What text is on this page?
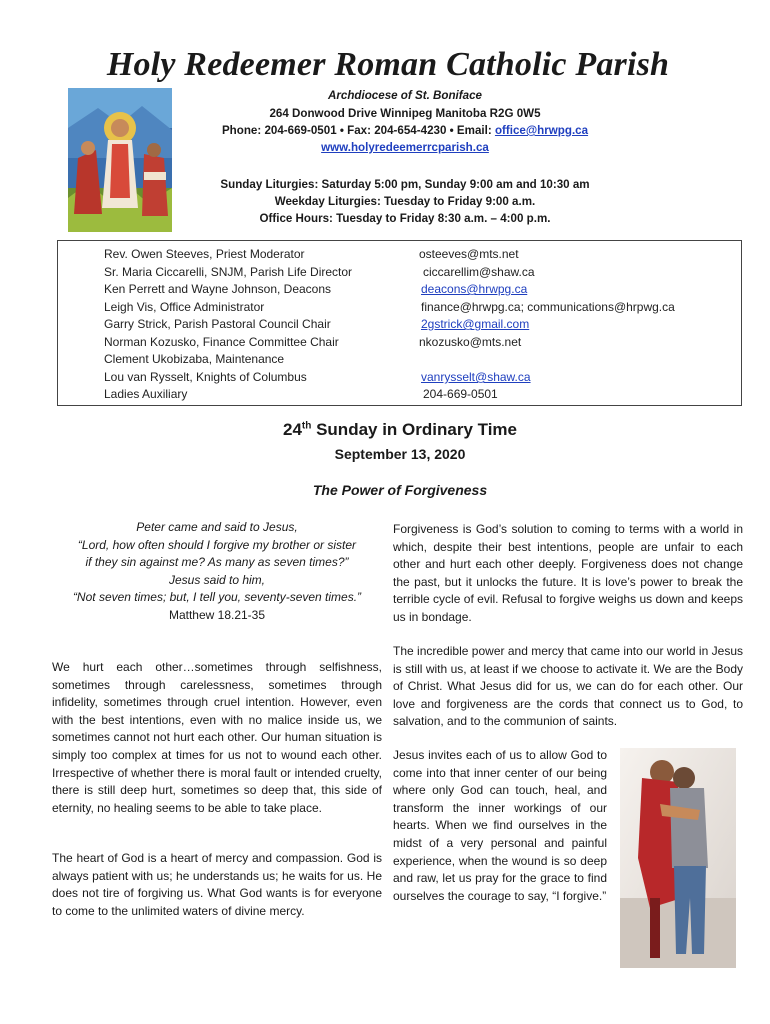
Holy Redeemer Roman Catholic Parish
Archdiocese of St. Boniface
264 Donwood Drive Winnipeg Manitoba R2G 0W5
Phone: 204-669-0501 • Fax: 204-654-4230 • Email: office@hrwpg.ca
www.holyredeemerrcparish.ca
Sunday Liturgies: Saturday 5:00 pm, Sunday 9:00 am and 10:30 am
Weekday Liturgies: Tuesday to Friday 9:00 a.m.
Office Hours: Tuesday to Friday 8:30 a.m. – 4:00 p.m.
Rev. Owen Steeves, Priest Moderator	osteeves@mts.net
Sr. Maria Ciccarelli, SNJM, Parish Life Director	ciccarellim@shaw.ca
Ken Perrett and Wayne Johnson, Deacons	deacons@hrwpg.ca
Leigh Vis, Office Administrator	finance@hrwpg.ca; communications@hrpwg.ca
Garry Strick, Parish Pastoral Council Chair	2gstrick@gmail.com
Norman Kozusko, Finance Committee Chair	nkozusko@mts.net
Clement Ukobizaba, Maintenance
Lou van Rysselt, Knights of Columbus	vanrysselt@shaw.ca
Ladies Auxiliary	204-669-0501
24th Sunday in Ordinary Time
September 13, 2020
The Power of Forgiveness
Peter came and said to Jesus,
“Lord, how often should I forgive my brother or sister
if they sin against me? As many as seven times?”
Jesus said to him,
“Not seven times; but, I tell you, seventy-seven times.”
Matthew 18.21-35
We hurt each other…sometimes through selfishness, sometimes through carelessness, sometimes through infidelity, sometimes through cruel intention. However, even with the best intentions, even with no malice inside us, we sometimes cannot not hurt each other. Our human situation is simply too complex at times for us not to wound each other. Irrespective of whether there is moral fault or intended cruelty, there is still deep hurt, sometimes so deep that, this side of eternity, no healing seems to be able to take place.
The heart of God is a heart of mercy and compassion. God is always patient with us; he understands us; he waits for us. He does not tire of forgiving us. What God wants is for everyone to come to the unlimited waters of divine mercy.
Forgiveness is God’s solution to coming to terms with a world in which, despite their best intentions, people are unfair to each other and hurt each other deeply. Forgiveness does not change the past, but it unlocks the future. It is love’s power to break the terrible cycle of evil. Refusal to forgive weighs us down and keeps us in bondage.
The incredible power and mercy that came into our world in Jesus is still with us, at least if we choose to activate it. We are the Body of Christ. What Jesus did for us, we can do for each other. Our love and forgiveness are the cords that connect us to God, to salvation, and to the communion of saints.
Jesus invites each of us to allow God to come into that inner center of our being where only God can touch, heal, and transform the inner workings of our hearts. When we find ourselves in the midst of a very personal and painful experience, when the wound is so deep and raw, let us pray for the grace to find ourselves the courage to say, “I forgive.”
